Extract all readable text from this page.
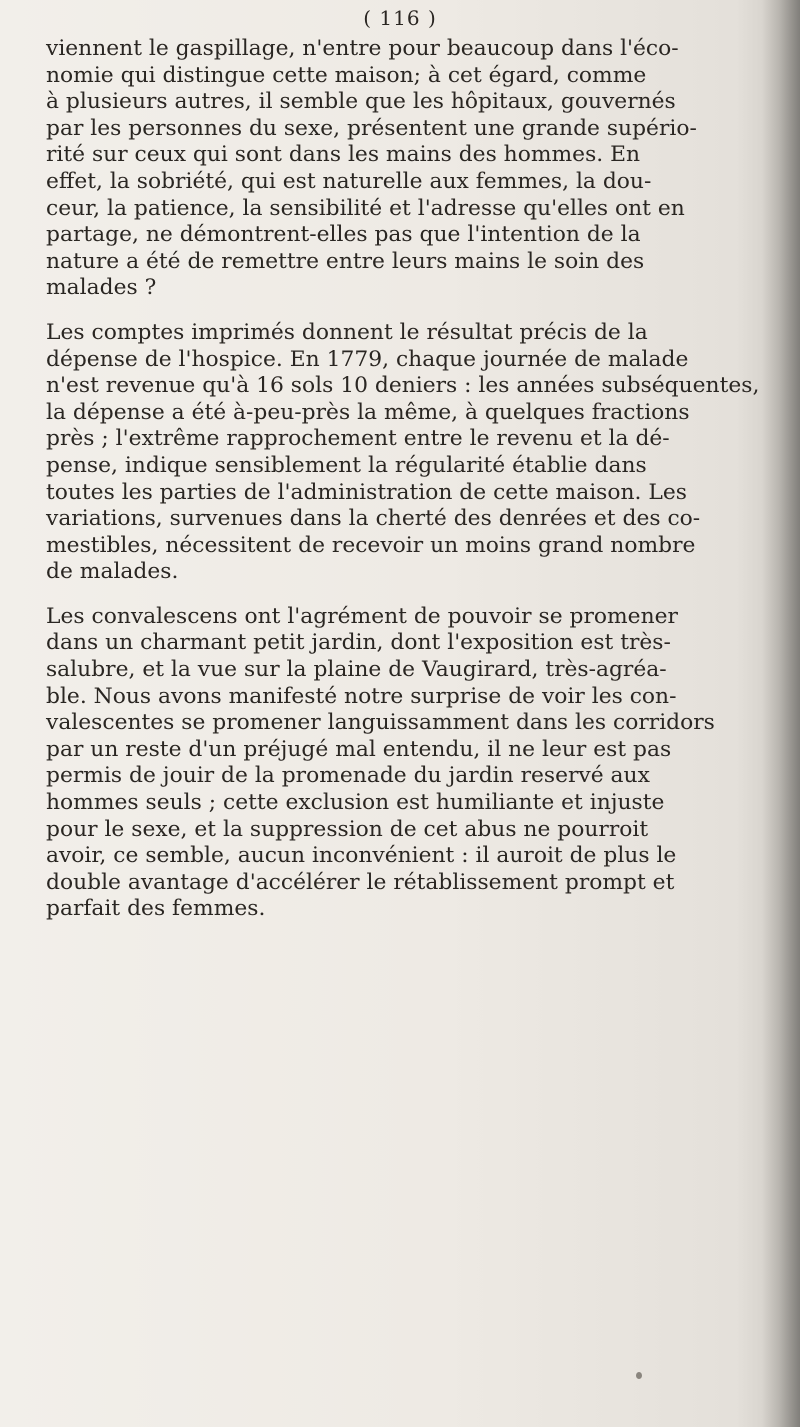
( 116 )
viennent le gaspillage, n'entre pour beaucoup dans l'éco-
nomie qui distingue cette maison; à cet égard, comme
à plusieurs autres, il semble que les hôpitaux, gouvernés
par les personnes du sexe, présentent une grande supério-
rité sur ceux qui sont dans les mains des hommes. En
effet, la sobriété, qui est naturelle aux femmes, la dou-
ceur, la patience, la sensibilité et l'adresse qu'elles ont en
partage, ne démontrent-elles pas que l'intention de la
nature a été de remettre entre leurs mains le soin des
malades ?
Les comptes imprimés donnent le résultat précis de la
dépense de l'hospice. En 1779, chaque journée de malade
n'est revenue qu'à 16 sols 10 deniers : les années subséquentes,
la dépense a été à-peu-près la même, à quelques fractions
près ; l'extrême rapprochement entre le revenu et la dé-
pense, indique sensiblement la régularité établie dans
toutes les parties de l'administration de cette maison. Les
variations, survenues dans la cherté des denrées et des co-
mestibles, nécessitent de recevoir un moins grand nombre
de malades.
Les convalescens ont l'agrément de pouvoir se promener
dans un charmant petit jardin, dont l'exposition est très-
salubre, et la vue sur la plaine de Vaugirard, très-agréa-
ble. Nous avons manifesté notre surprise de voir les con-
valescentes se promener languissamment dans les corridors
par un reste d'un préjugé mal entendu, il ne leur est pas
permis de jouir de la promenade du jardin reservé aux
hommes seuls ; cette exclusion est humiliante et injuste
pour le sexe, et la suppression de cet abus ne pourroit
avoir, ce semble, aucun inconvénient : il auroit de plus le
double avantage d'accélérer le rétablissement prompt et
parfait des femmes.
